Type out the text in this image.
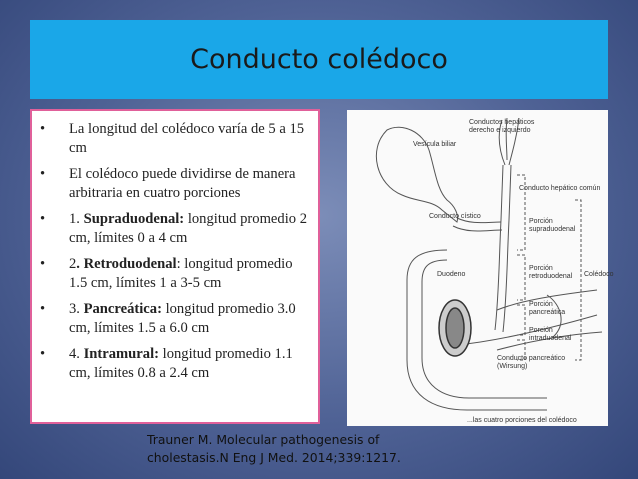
Conducto colédoco
• La longitud del colédoco varía de 5 a 15 cm
• El colédoco puede dividirse de manera arbitraria en cuatro porciones
• 1. Supraduodenal: longitud promedio 2 cm, límites 0 a 4 cm
• 2. Retroduodenal: longitud promedio 1.5 cm, límites 1 a 3-5 cm
• 3. Pancreática: longitud promedio 3.0 cm, límites 1.5 a 6.0 cm
• 4. Intramural: longitud promedio 1.1 cm, límites 0.8 a 2.4 cm
Conductos hepáticos
derecho e izquierdo
Vesícula biliar
Conducto hepático común
Conducto cístico
Porción
supraduodenal
Porción
retroduodenal Colédoco
Duodeno
Porción
pancreática
Porción
intraduodenal
Conducto pancreático
(Wirsung)
...las cuatro porciones del colédoco
Trauner M. Molecular pathogenesis of
cholestasis.N Eng J Med. 2014;339:1217.
